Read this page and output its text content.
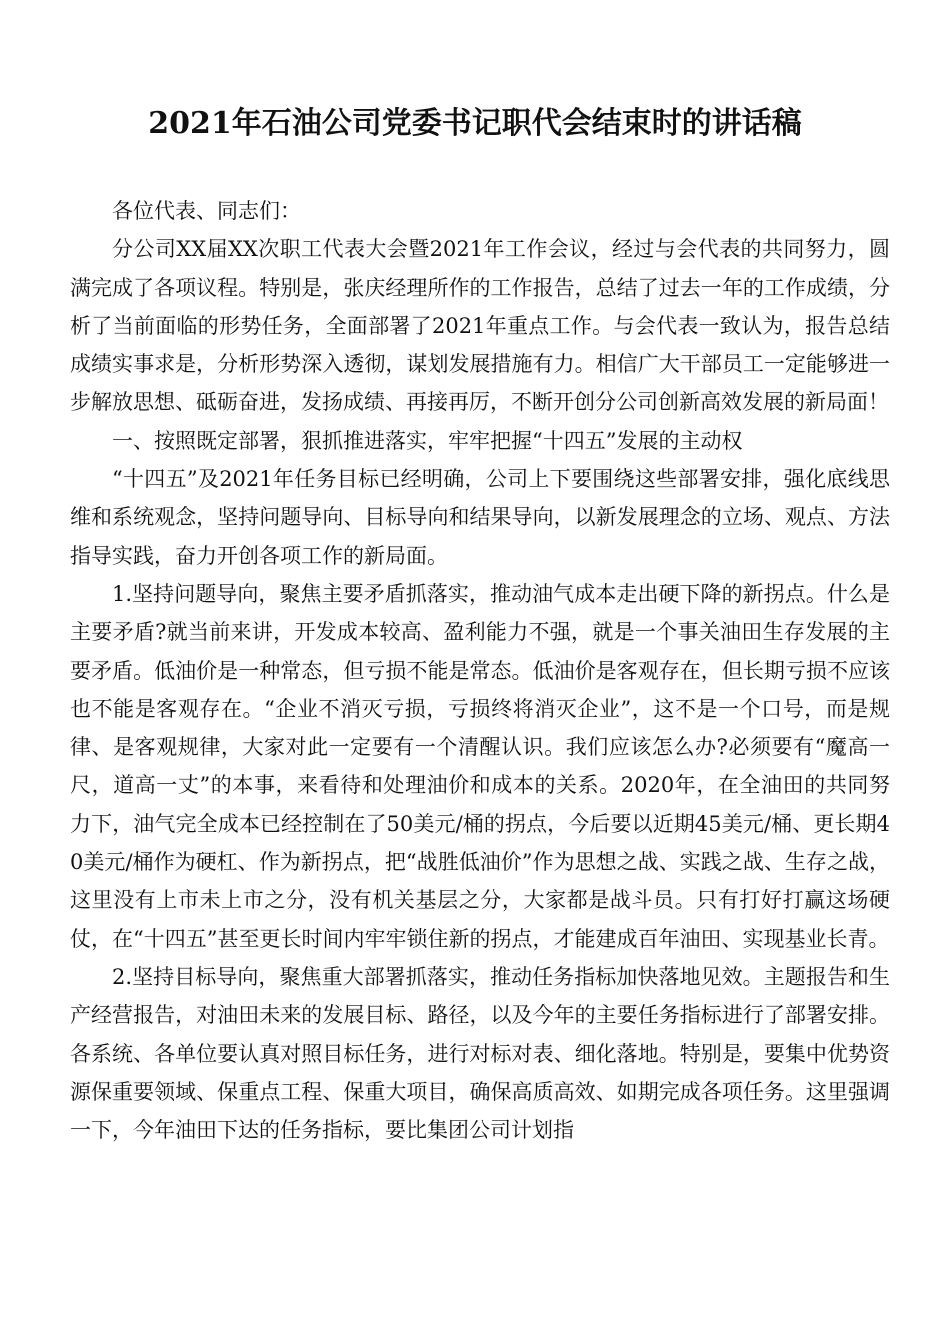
2021年石油公司党委书记职代会结束时的讲话稿

各位代表、同志们：

分公司XX届XX次职工代表大会暨2021年工作会议，经过与会代表的共同努力，圆满完成了各项议程。特别是，张庆经理所作的工作报告，总结了过去一年的工作成绩，分析了当前面临的形势任务，全面部署了2021年重点工作。与会代表一致认为，报告总结成绩实事求是，分析形势深入透彻，谋划发展措施有力。相信广大干部员工一定能够进一步解放思想、砥砺奋进，发扬成绩、再接再厉，不断开创分公司创新高效发展的新局面！

一、按照既定部署，狠抓推进落实，牢牢把握“十四五”发展的主动权

“十四五”及2021年任务目标已经明确，公司上下要围绕这些部署安排，强化底线思维和系统观念，坚持问题导向、目标导向和结果导向，以新发展理念的立场、观点、方法指导实践，奋力开创各项工作的新局面。

1.坚持问题导向，聚焦主要矛盾抓落实，推动油气成本走出硬下降的新拐点。什么是主要矛盾?就当前来讲，开发成本较高、盈利能力不强，就是一个事关油田生存发展的主要矛盾。低油价是一种常态，但亏损不能是常态。低油价是客观存在，但长期亏损不应该也不能是客观存在。“企业不消灭亏损，亏损终将消灭企业”，这不是一个口号，而是规律、是客观规律，大家对此一定要有一个清醒认识。我们应该怎么办?必须要有“魔高一尺，道高一丈”的本事，来看待和处理油价和成本的关系。2020年，在全油田的共同努力下，油气完全成本已经控制在了50美元/桶的拐点，今后要以近期45美元/桶、更长期40美元/桶作为硬杠、作为新拐点，把“战胜低油价”作为思想之战、实践之战、生存之战，这里没有上市未上市之分，没有机关基层之分，大家都是战斗员。只有打好打赢这场硬仗，在“十四五”甚至更长时间内牢牢锁住新的拐点，才能建成百年油田、实现基业长青。

2.坚持目标导向，聚焦重大部署抓落实，推动任务指标加快落地见效。主题报告和生产经营报告，对油田未来的发展目标、路径，以及今年的主要任务指标进行了部署安排。各系统、各单位要认真对照目标任务，进行对标对表、细化落地。特别是，要集中优势资源保重要领域、保重点工程、保重大项目，确保高质高效、如期完成各项任务。这里强调一下，今年油田下达的任务指标，要比集团公司计划指
